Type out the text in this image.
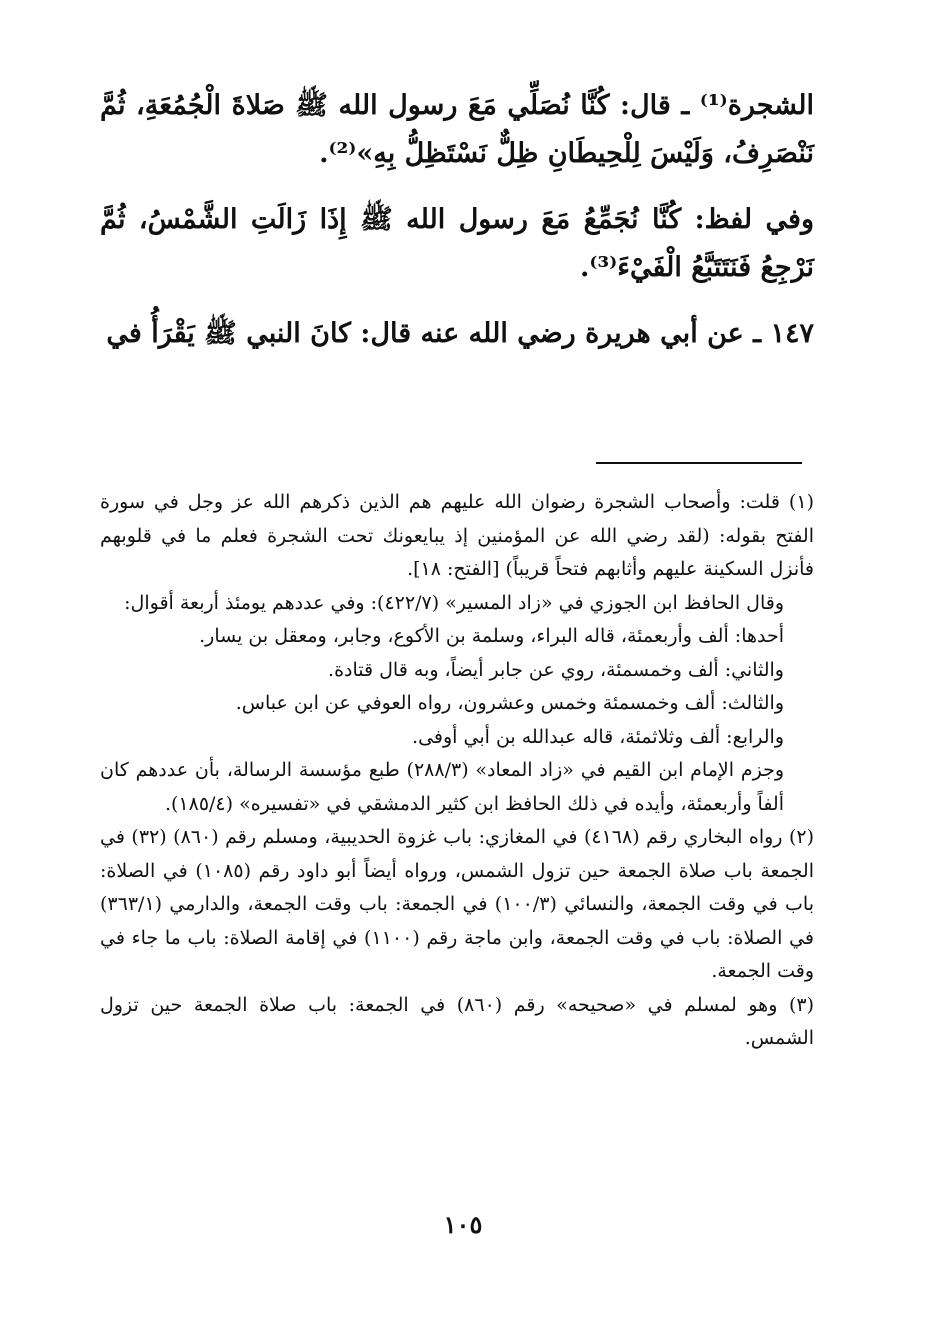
الشجرة⁽¹⁾ ـ قال: كُنَّا نُصَلِّي مَعَ رسول الله ﷺ صَلاةَ الْجُمُعَةِ، ثُمَّ نَنْصَرِفُ، وَلَيْسَ لِلْحِيطَانِ ظِلٌّ نَسْتَظِلُّ بِهِ»⁽²⁾.

وفي لفظ: كُنَّا نُجَمِّعُ مَعَ رسول الله ﷺ إِذَا زَالَتِ الشَّمْسُ، ثُمَّ نَرْجِعُ فَنَتَتَبَّعُ الْفَيْءَ⁽³⁾.

١٤٧ ـ عن أبي هريرة رضي الله عنه قال: كانَ النبي ﷺ يَقْرَأُ في

(١) قلت: وأصحاب الشجرة رضوان الله عليهم هم الذين ذكرهم الله عز وجل في سورة الفتح بقوله: (لقد رضي الله عن المؤمنين إذ يبايعونك تحت الشجرة فعلم ما في قلوبهم فأنزل السكينة عليهم وأثابهم فتحاً قريباً) [الفتح: ١٨].

وقال الحافظ ابن الجوزي في «زاد المسير» (٤٢٢/٧): وفي عددهم يومئذ أربعة أقوال:

أحدها: ألف وأربعمئة، قاله البراء، وسلمة بن الأكوع، وجابر، ومعقل بن يسار.

والثاني: ألف وخمسمئة، روي عن جابر أيضاً، وبه قال قتادة.

والثالث: ألف وخمسمئة وخمس وعشرون، رواه العوفي عن ابن عباس.

والرابع: ألف وثلاثمئة، قاله عبدالله بن أبي أوفى.

وجزم الإمام ابن القيم في «زاد المعاد» (٢٨٨/٣) طبع مؤسسة الرسالة، بأن عددهم كان ألفاً وأربعمئة، وأيده في ذلك الحافظ ابن كثير الدمشقي في «تفسيره» (١٨٥/٤).

(٢) رواه البخاري رقم (٤١٦٨) في المغازي: باب غزوة الحديبية، ومسلم رقم (٨٦٠) (٣٢) في الجمعة باب صلاة الجمعة حين تزول الشمس، ورواه أيضاً أبو داود رقم (١٠٨٥) في الصلاة: باب في وقت الجمعة، والنسائي (١٠٠/٣) في الجمعة: باب وقت الجمعة، والدارمي (٣٦٣/١) في الصلاة: باب في وقت الجمعة، وابن ماجة رقم (١١٠٠) في إقامة الصلاة: باب ما جاء في وقت الجمعة.

(٣) وهو لمسلم في «صحيحه» رقم (٨٦٠) في الجمعة: باب صلاة الجمعة حين تزول الشمس.

١٠٥
